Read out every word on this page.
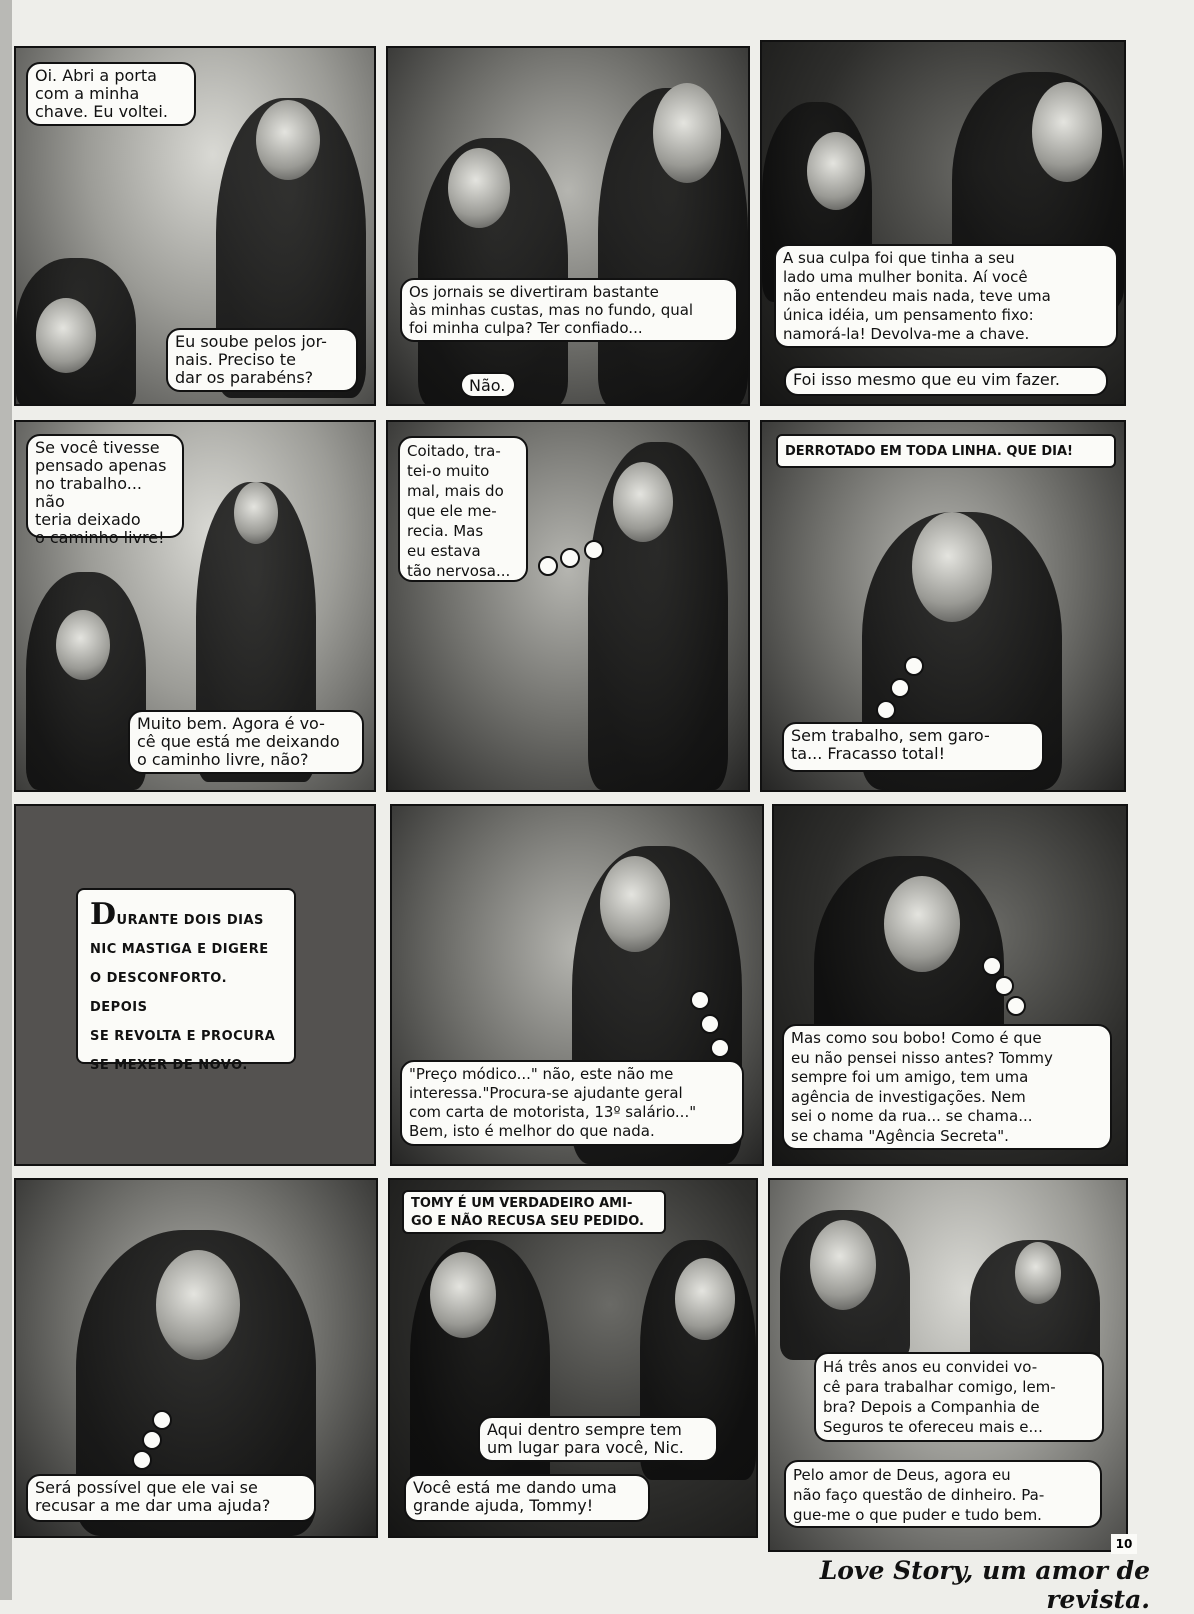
Oi. Abri a porta
com a minha
chave. Eu voltei.
Eu soube pelos jor-
nais. Preciso te
dar os parabéns?
Os jornais se divertiram bastante
às minhas custas, mas no fundo, qual
foi minha culpa? Ter confiado...
Não.
A sua culpa foi que tinha a seu
lado uma mulher bonita. Aí você
não entendeu mais nada, teve uma
única idéia, um pensamento fixo:
namorá-la! Devolva-me a chave.
Foi isso mesmo que eu vim fazer.
Se você tivesse
pensado apenas
no trabalho... não
teria deixado
o caminho livre!
Muito bem. Agora é vo-
cê que está me deixando
o caminho livre, não?
Coitado, tra-
tei-o muito
mal, mais do
que ele me-
recia. Mas
eu estava
tão nervosa...
DERROTADO EM TODA LINHA. QUE DIA!
Sem trabalho, sem garo-
ta... Fracasso total!
DURANTE DOIS DIAS
NIC MASTIGA E DIGERE
O DESCONFORTO. DEPOIS
SE REVOLTA E PROCURA
SE MEXER DE NOVO.	"Preço módico..." não, este não me
interessa."Procura-se ajudante geral
com carta de motorista, 13º salário..."
Bem, isto é melhor do que nada.
Mas como sou bobo! Como é que
eu não pensei nisso antes? Tommy
sempre foi um amigo, tem uma
agência de investigações. Nem
sei o nome da rua... se chama...
se chama "Agência Secreta".
Será possível que ele vai se
recusar a me dar uma ajuda?
TOMY É UM VERDADEIRO AMI-
GO E NÃO RECUSA SEU PEDIDO.
Aqui dentro sempre tem
um lugar para você, Nic.
Você está me dando uma
grande ajuda, Tommy!
Há três anos eu convidei vo-
cê para trabalhar comigo, lem-
bra? Depois a Companhia de
Seguros te ofereceu mais e...
Pelo amor de Deus, agora eu
não faço questão de dinheiro. Pa-
gue-me o que puder e tudo bem.
10
Love Story, um amor de revista.
